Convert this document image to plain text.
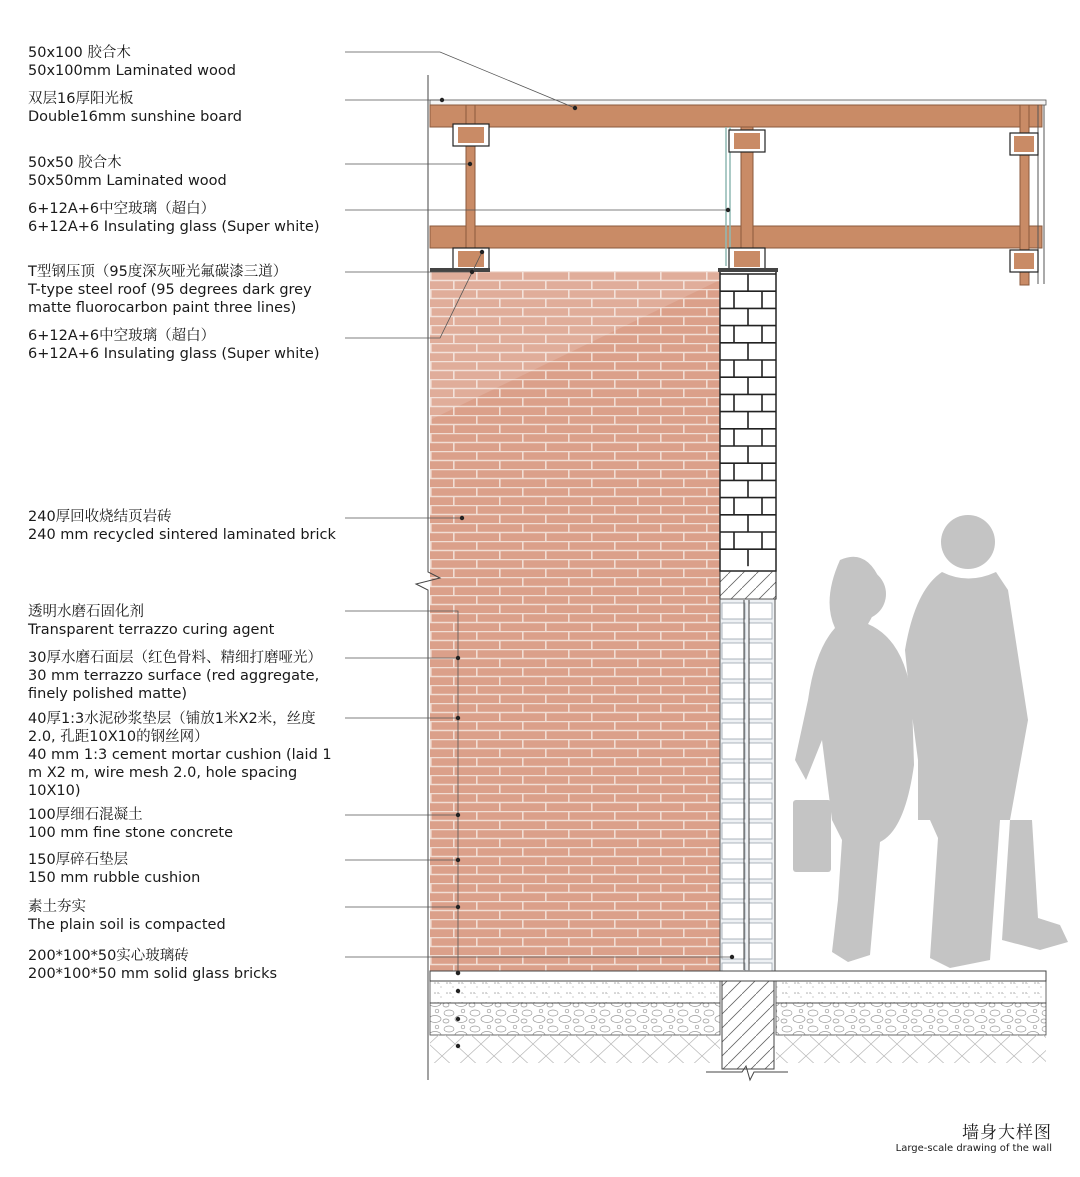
50x100 胶合木
50x100mm Laminated wood
双层16厚阳光板
Double16mm sunshine board
50x50 胶合木
50x50mm Laminated wood
6+12A+6中空玻璃（超白）
6+12A+6 Insulating glass (Super white)
T型钢压顶（95度深灰哑光氟碳漆三道）
T-type steel roof (95 degrees dark grey
matte fluorocarbon paint three lines)
6+12A+6中空玻璃（超白）
6+12A+6 Insulating glass (Super white)
240厚回收烧结页岩砖
240 mm recycled sintered laminated brick
透明水磨石固化剂
Transparent terrazzo curing agent
30厚水磨石面层（红色骨料、精细打磨哑光）
30 mm terrazzo surface (red aggregate,
finely polished matte)
40厚1:3水泥砂浆垫层（铺放1米X2米，丝度
2.0, 孔距10X10的钢丝网）
40 mm 1:3 cement mortar cushion (laid 1
m X2 m, wire mesh 2.0, hole spacing
10X10)
100厚细石混凝土
100 mm fine stone concrete
150厚碎石垫层
150 mm rubble cushion
素土夯实
The plain soil is compacted
200*100*50实心玻璃砖
200*100*50 mm solid glass bricks
墙身大样图
Large-scale drawing of the wall
